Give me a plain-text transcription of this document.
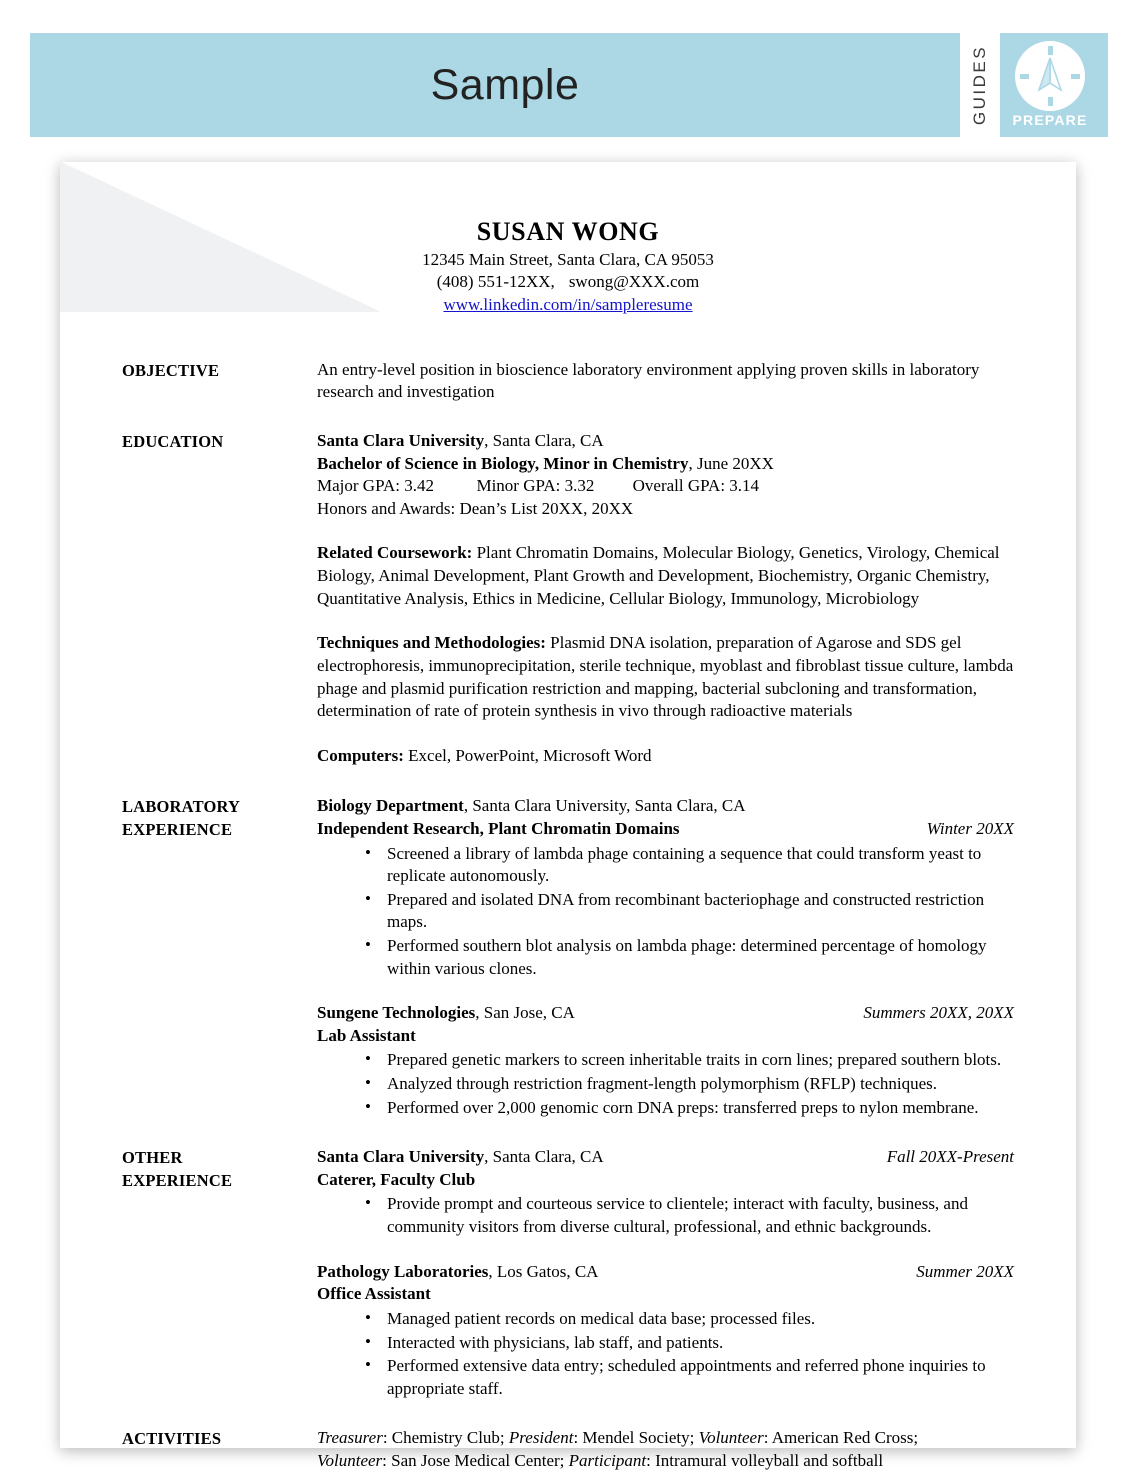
Sample	GUIDES PREPARE
SUSAN WONG
12345 Main Street, Santa Clara, CA 95053
(408) 551-12XX, swong@XXX.com
www.linkedin.com/in/sampleresume
OBJECTIVE	An entry-level position in bioscience laboratory environment applying proven skills in laboratory research and investigation

EDUCATION	Santa Clara University, Santa Clara, CA

Bachelor of Science in Biology, Minor in Chemistry, June 20XX

Major GPA: 3.42	Minor GPA: 3.32 Overall GPA: 3.14

Honors and Awards: Dean’s List 20XX, 20XX

Related Coursework: Plant Chromatin Domains, Molecular Biology, Genetics, Virology, Chemical Biology, Animal Development, Plant Growth and Development, Biochemistry, Organic Chemistry, Quantitative Analysis, Ethics in Medicine, Cellular Biology, Immunology, Microbiology

Techniques and Methodologies: Plasmid DNA isolation, preparation of Agarose and SDS gel electrophoresis, immunoprecipitation, sterile technique, myoblast and fibroblast tissue culture, lambda phage and plasmid purification restriction and mapping, bacterial subcloning and transformation, determination of rate of protein synthesis in vivo through radioactive materials

Computers: Excel, PowerPoint, Microsoft Word

LABORATORY
EXPERIENCE

Biology Department, Santa Clara University, Santa Clara, CA

Independent Research, Plant Chromatin Domains	Winter 20XX
• Screened a library of lambda phage containing a sequence that could transform yeast to replicate autonomously.
• Prepared and isolated DNA from recombinant bacteriophage and constructed restriction maps.
• Performed southern blot analysis on lambda phage: determined percentage of homology within various clones.
Sungene Technologies, San Jose, CA	Summers 20XX, 20XX

Lab Assistant

• Prepared genetic markers to screen inheritable traits in corn lines; prepared southern blots.
• Analyzed through restriction fragment-length polymorphism (RFLP) techniques.
• Performed over 2,000 genomic corn DNA preps: transferred preps to nylon membrane.
OTHER
EXPERIENCE
Santa Clara University, Santa Clara, CA	Fall 20XX-Present

Caterer, Faculty Club

• Provide prompt and courteous service to clientele; interact with faculty, business, and community visitors from diverse cultural, professional, and ethnic backgrounds.
Pathology Laboratories, Los Gatos, CA	Summer 20XX

Office Assistant

• Managed patient records on medical data base; processed files.
• Interacted with physicians, lab staff, and patients.
• Performed extensive data entry; scheduled appointments and referred phone inquiries to appropriate staff.
ACTIVITIES	Treasurer: Chemistry Club; President: Mendel Society; Volunteer: American Red Cross;

Volunteer: San Jose Medical Center; Participant: Intramural volleyball and softball
